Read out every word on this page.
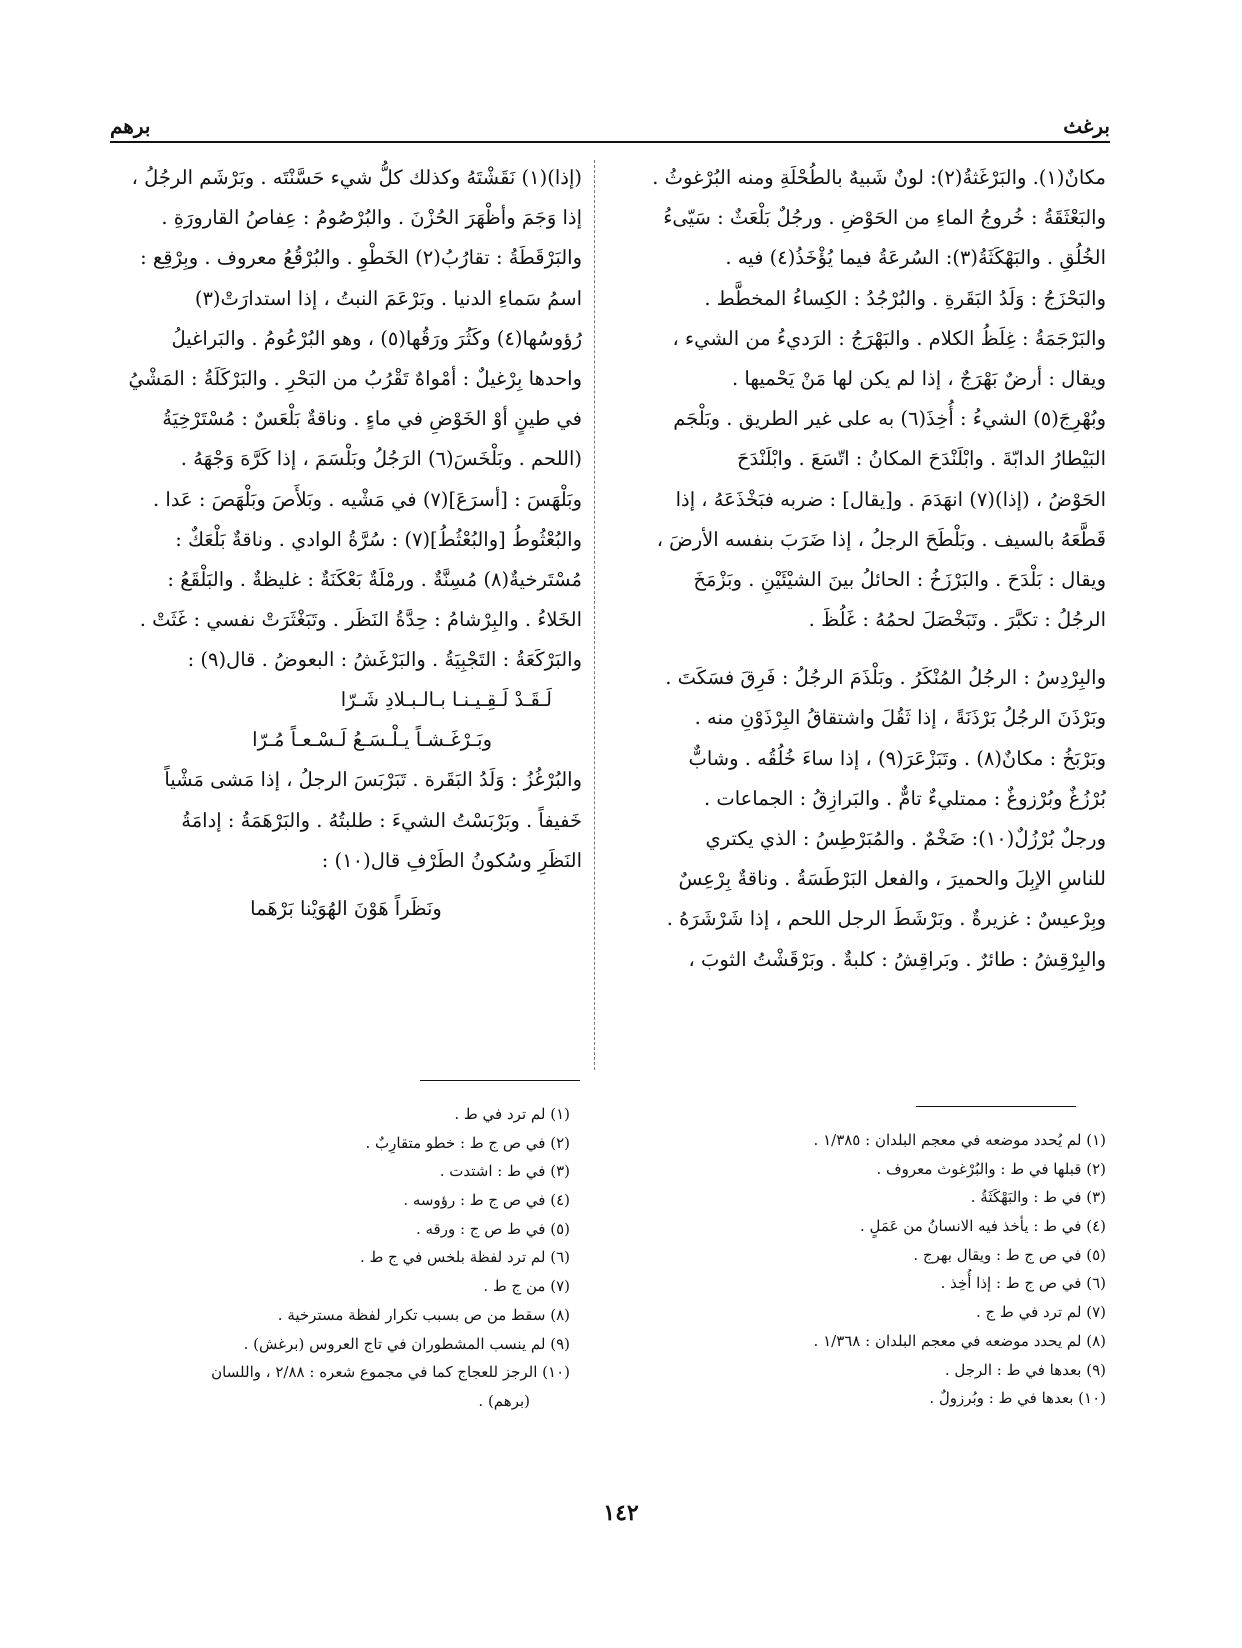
برغث
برهم
مكانٌ(١). والبَرْغَثةُ(٢): لونٌ شَبيهٌ بالطُحْلَةِ ومنه البُرْغوثُ .
والبَعْثَقَةُ : خُروجُ الماءِ من الحَوْضِ . ورجُلٌ بَلْعَثٌ : سَيّىءُ
الخُلُقِ . والبَهْكَثَةُ(٣): السُرعَةُ فيما يُؤْخَذُ(٤) فيه .
والبَحْزَجُ : وَلَدُ البَقَرةِ . والبُرْجُدُ : الكِساءُ المخطَّط .
والبَرْجَمَةُ : غِلَظُ الكلام . والبَهْرَجُ : الرَديءُ من الشيء ،
ويقال : أرضٌ بَهْرَجٌ ، إذا لم يكن لها مَنْ يَحْميها .
وبُهْرِجَ(٥) الشيءُ : أُخِذَ(٦) به على غير الطريق . وبَلْجَم
البَيْطارُ الدابّةَ . وابْلَنْدَحَ المكانُ : اتّسَعَ . وابْلَنْدَحَ
الحَوْضُ ، (إذا)(٧) انهَدَمَ . و[يقال] : ضربه فبَخْذَعَهُ ، إذا
قَطَّعَهُ بالسيف . وبَلْطَحَ الرجلُ ، إذا ضَرَبَ بنفسه الأرضَ ،
ويقال : بَلْدَحَ . والبَرْزَخُ : الحائلُ بينَ الشيْئَيْنِ . وبَزْمَخَ
الرجُلُ : تكبَّرَ . وتَبَخْصَلَ لحمُهُ : غَلُظَ .
والبِرْدِسُ : الرجُلُ المُنْكَرُ . وبَلْذَمَ الرجُلُ : فَرِقَ فسَكَتَ .
وبَرْذَنَ الرجُلُ بَرْذَنَةً ، إذا ثَقُلَ واشتقاقُ البِرْذَوْنِ منه .
وبَرْبَخُ : مكانٌ(٨) . وتَبَزْعَرَ(٩) ، إذا ساءَ خُلُقُه . وشابٌّ
بُرْزُغٌ وبُرْزوغٌ : ممتليءٌ تامٌّ . والبَرازِقُ : الجماعات .
ورجلٌ بُرْزُلٌ(١٠): ضَخْمٌ . والمُبَرْطِسُ : الذي يكتري
للناسِ الإبِلَ والحميرَ ، والفعل البَرْطَسَةُ . وناقةٌ بِرْعِسٌ
وبِرْعيسٌ : غزيرةٌ . وبَرْشَطَ الرجل اللحم ، إذا شَرْشَرَهُ .
والبِرْقِشُ : طائرٌ . وبَراقِشُ : كلبةٌ . وبَرْقَشْتُ الثوبَ ،
(إذا)(١) نَقَشْتَهُ وكذلك كلُّ شيء حَسَّنْتَه . وبَرْشَم الرجُلُ ،
إذا وَجَمَ وأظْهَرَ الحُزْنَ . والبُرْصُومُ : عِفاصُ القارورَةِ .
والبَرْقَطَةُ : تقارُبُ(٢) الخَطْوِ . والبُرْقُعُ معروف . وبِرْقِع :
اسمُ سَماءِ الدنيا . وبَرْعَمَ النبتُ ، إذا استدارَتْ(٣)
رُؤوسُها(٤) وكَثُرَ ورَقُها(٥) ، وهو البُرْعُومُ . والبَراغيلُ
واحدها بِرْغيلٌ : أمْواهٌ تَقْرُبُ من البَحْرِ . والبَرْكَلَةُ : المَشْيُ
في طينٍ أوْ الخَوْضِ في ماءٍ . وناقةٌ بَلْعَسٌ : مُسْتَرْخِيَةُ
(اللحم . وبَلْخَسَ(٦) الرَجُلُ وبَلْسَمَ ، إذا كَرَّهَ وَجْهَهُ .
وبَلْهَسَ : [أسرَعَ](٧) في مَشْيه . وبَلأَصَ وبَلْهَصَ : عَدا .
والبُعْثُوطُ [والبُعْثُطُ](٧) : سُرَّةُ الوادي . وناقةٌ بَلْعَكٌ :
مُسْتَرخيةٌ(٨) مُسِنَّةٌ . ورمْلَةٌ بَعْكَنَةٌ : غليظةٌ . والبَلْقَعُ :
الخَلاءُ . والبِرْشامُ : حِدَّةُ النَظَر . وتَبَغْثَرَتْ نفسي : غَثَتْ .
والبَرْكَعَةُ : التَجْبِيَةُ . والبَرْغَشُ : البعوضُ . قال(٩) :
لَـقَـدْ لَـقِـيـنـا بـالـبـلادِ شَـرّا
وبَـرْغَـشـاً يـلْـسَـعُ لَـسْـعـاً مُـرّا
والبُرْغُزُ : وَلَدُ البَقَرة . تَبَرْبَسَ الرجلُ ، إذا مَشى مَشْياً
خَفيفاً . وبَرْبَسْتُ الشيءَ : طلبتُهُ . والبَرْهَمَةُ : إدامَةُ
النَظَرِ وسُكونُ الطَرْفِ قال(١٠) :
ونَظَراً هَوْنَ الهُوَيْنا بَرْهَما
(١) لم يُحدد موضعه في معجم البلدان : ١/٣٨٥ .
(٢) قبلها في ط : والبُرْغوث معروف .
(٣) في ط : والبَهْكَثَةُ .
(٤) في ط : يأخذ فيه الانسانُ من عَمَلٍ .
(٥) في ص ج ط : ويقال بهرج .
(٦) في ص ج ط : إذا أُخِذ .
(٧) لم ترد في ط ج .
(٨) لم يحدد موضعه في معجم البلدان : ١/٣٦٨ .
(٩) بعدها في ط : الرجل .
(١٠) بعدها في ط : وبُرزولٌ .
(١) لم ترد في ط .
(٢) في ص ج ط : خطو متقارِبٌ .
(٣) في ط : اشتدت .
(٤) في ص ج ط : رؤوسه .
(٥) في ط ص ج : ورقه .
(٦) لم ترد لفظة بلخس في ج ط .
(٧) من ج ط .
(٨) سقط من ص بسبب تكرار لفظة مسترخية .
(٩) لم ينسب المشطوران في تاج العروس (برغش) .
(١٠) الرجز للعجاج كما في مجموع شعره : ٢/٨٨ ، واللسان
(برهم) .
١٤٢
